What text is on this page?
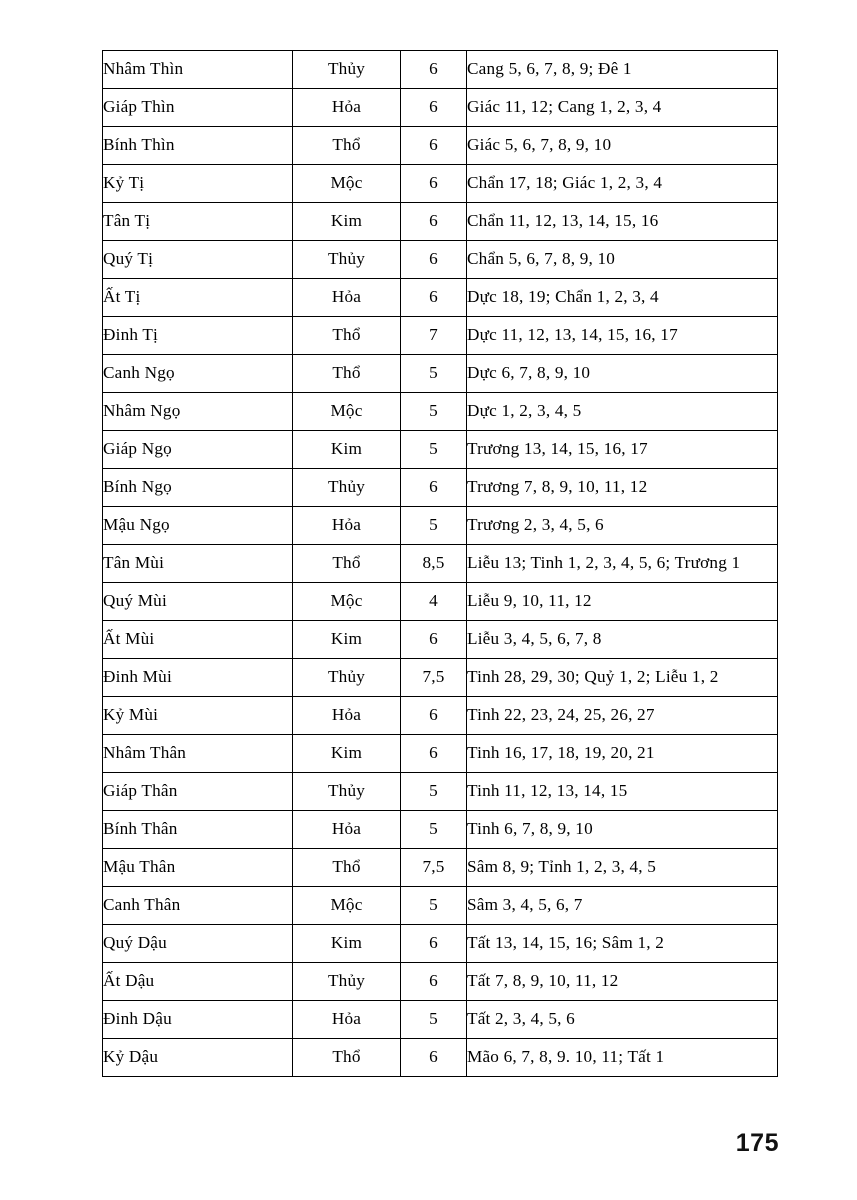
Nhâm Thìn	Thủy	6	Cang 5, 6, 7, 8, 9; Đê 1
Giáp Thìn	Hỏa	6	Giác 11, 12; Cang 1, 2, 3, 4
Bính Thìn	Thổ	6	Giác 5, 6, 7, 8, 9, 10
Kỷ Tị	Mộc	6	Chẩn 17, 18; Giác 1, 2, 3, 4
Tân Tị	Kim	6	Chẩn 11, 12, 13, 14, 15, 16
Quý Tị	Thủy	6	Chẩn 5, 6, 7, 8, 9, 10
Ất Tị	Hỏa	6	Dực 18, 19; Chẩn 1, 2, 3, 4
Đinh Tị	Thổ	7	Dực 11, 12, 13, 14, 15, 16, 17
Canh Ngọ	Thổ	5	Dực 6, 7, 8, 9, 10
Nhâm Ngọ	Mộc	5	Dực 1, 2, 3, 4, 5
Giáp Ngọ	Kim	5	Trương 13, 14, 15, 16, 17
Bính Ngọ	Thủy	6	Trương 7, 8, 9, 10, 11, 12
Mậu Ngọ	Hỏa	5	Trương 2, 3, 4, 5, 6
Tân Mùi	Thổ	8,5	Liễu 13; Tinh 1, 2, 3, 4, 5, 6; Trương 1
Quý Mùi	Mộc	4	Liễu 9, 10, 11, 12
Ất Mùi	Kim	6	Liễu 3, 4, 5, 6, 7, 8
Đinh Mùi	Thủy	7,5	Tinh 28, 29, 30; Quỷ 1, 2; Liễu 1, 2
Kỷ Mùi	Hỏa	6	Tinh 22, 23, 24, 25, 26, 27
Nhâm Thân	Kim	6	Tinh 16, 17, 18, 19, 20, 21
Giáp Thân	Thủy	5	Tinh 11, 12, 13, 14, 15
Bính Thân	Hỏa	5	Tinh 6, 7, 8, 9, 10
Mậu Thân	Thổ	7,5	Sâm 8, 9; Tỉnh 1, 2, 3, 4, 5
Canh Thân	Mộc	5	Sâm 3, 4, 5, 6, 7
Quý Dậu	Kim	6	Tất 13, 14, 15, 16; Sâm 1, 2
Ất Dậu	Thủy	6	Tất 7, 8, 9, 10, 11, 12
Đinh Dậu	Hỏa	5	Tất 2, 3, 4, 5, 6
Kỷ Dậu	Thổ	6	Mão 6, 7, 8, 9. 10, 11; Tất 1
175
